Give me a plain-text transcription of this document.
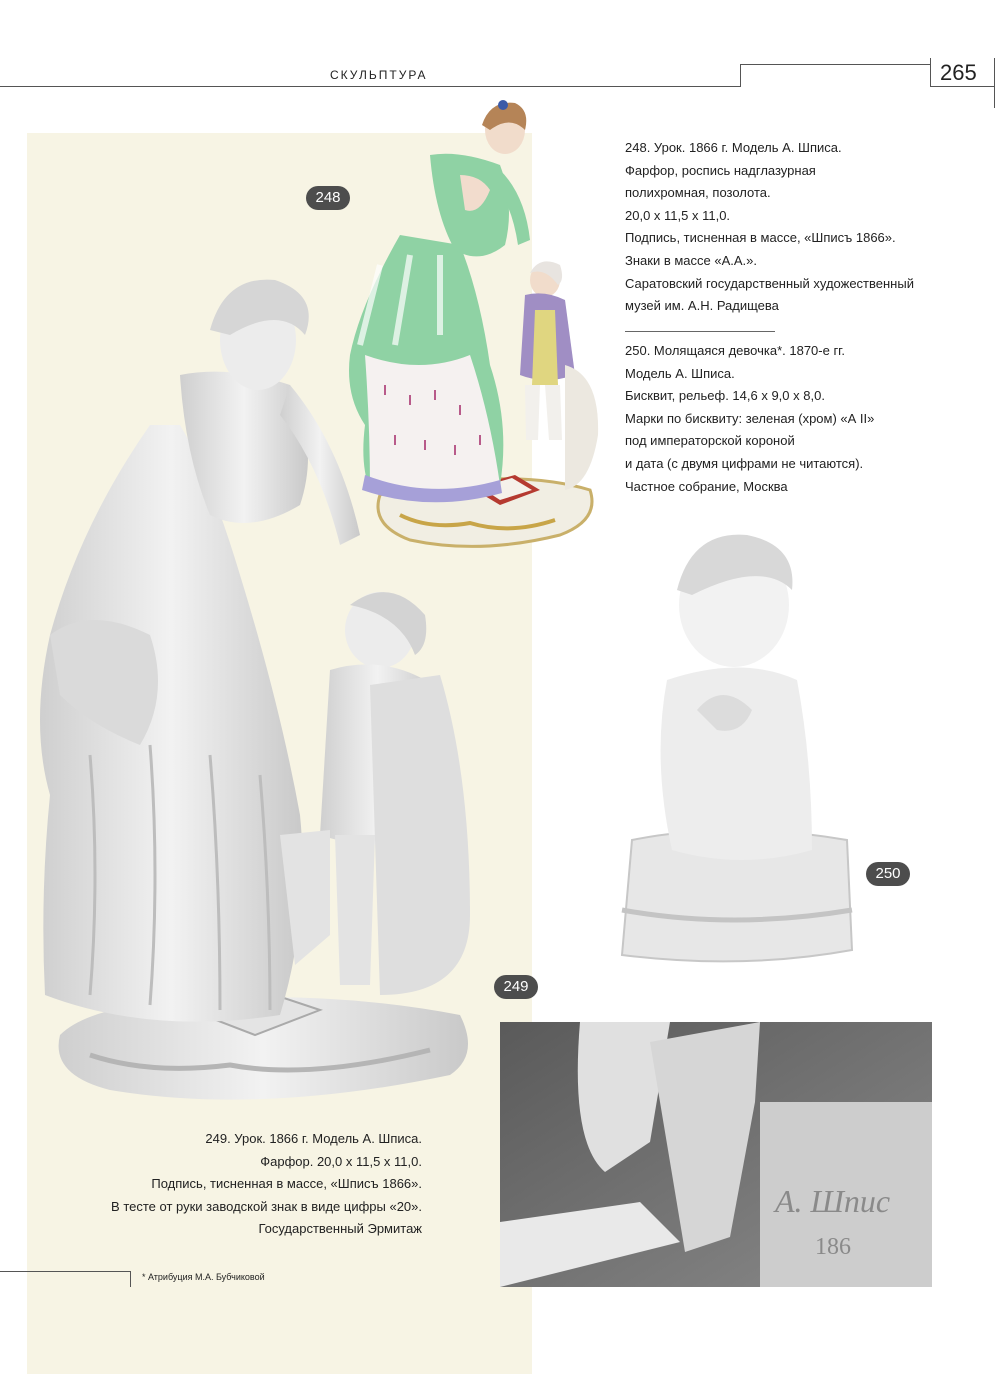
СКУЛЬПТУРА	265
А. Шпис
186
248
249
250
248. Урок. 1866 г. Модель А. Шписа.
Фарфор, роспись надглазурная
полихромная, позолота.
20,0 х 11,5 х 11,0.
Подпись, тисненная в массе, «Шписъ 1866».
Знаки в массе «А.А.».
Саратовский государственный художественный
музей им. А.Н. Радищева
250. Молящаяся девочка*. 1870-е гг.
Модель А. Шписа.
Бисквит, рельеф. 14,6 х 9,0 х 8,0.
Марки по бисквиту: зеленая (хром) «А II»
под императорской короной
и дата (с двумя цифрами не читаются).
Частное собрание, Москва
249. Урок. 1866 г. Модель А. Шписа.
Фарфор. 20,0 х 11,5 х 11,0.
Подпись, тисненная в массе, «Шписъ 1866».
В тесте от руки заводской знак в виде цифры «20».
Государственный Эрмитаж
* Атрибуция М.А. Бубчиковой
